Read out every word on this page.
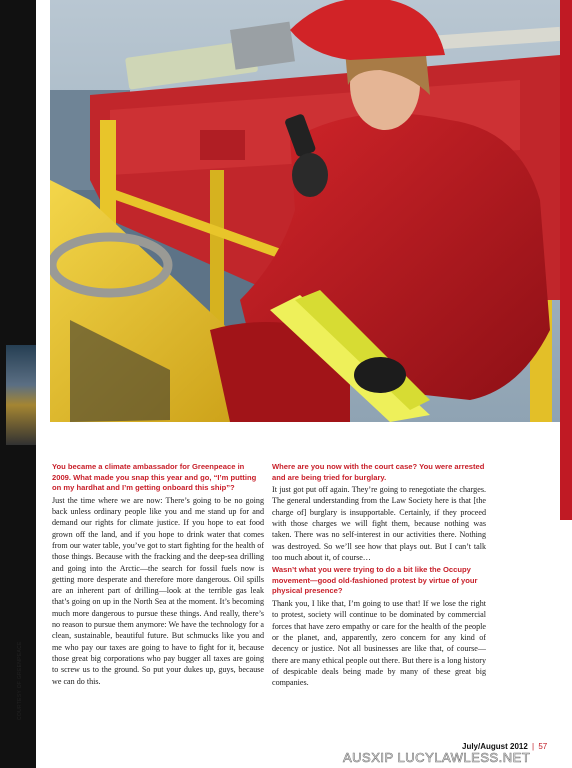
COURTESY OF GREENPEACE
You became a climate ambassador for Greenpeace in 2009. What made you snap this year and go, “I’m putting on my hardhat and I’m getting onboard this ship”?
Just the time where we are now: There’s going to be no going back unless ordinary people like you and me stand up for and demand our rights for climate justice. If you hope to eat food grown off the land, and if you hope to drink water that comes from our water table, you’ve got to start fighting for the health of those things. Because with the fracking and the deep-sea drilling and going into the Arctic—the search for fossil fuels now is getting more desperate and therefore more dangerous. Oil spills are an inherent part of drilling—look at the terrible gas leak that’s going on up in the North Sea at the moment. It’s becoming much more dangerous to pursue these things. And really, there’s no reason to pursue them anymore: We have the technology for a clean, sustainable, beautiful future. But schmucks like you and me who pay our taxes are going to have to fight for it, because those great big corporations who pay bugger all taxes are going to screw us to the ground. So put your dukes up, guys, because we can do this.
Where are you now with the court case? You were arrested and are being tried for burglary.
It just got put off again. They’re going to renegotiate the charges. The general understanding from the Law Society here is that [the charge of] burglary is insupportable. Certainly, if they proceed with those charges we will fight them, because nothing was taken. There was no self-interest in our activities there. Nothing was destroyed. So we’ll see how that plays out. But I can’t talk too much about it, of course…
Wasn’t what you were trying to do a bit like the Occupy movement—good old-fashioned protest by virtue of your physical presence?
Thank you, I like that, I’m going to use that! If we lose the right to protest, society will continue to be dominated by commercial forces that have zero empathy or care for the health of the people or the planet, and, apparently, zero concern for any kind of decency or justice. Not all businesses are like that, of course—there are many ethical people out there. But there is a long history of despicable deals being made by many of these great big companies.
July/August 2012 | 57
AUSXIP LUCYLAWLESS.NET
